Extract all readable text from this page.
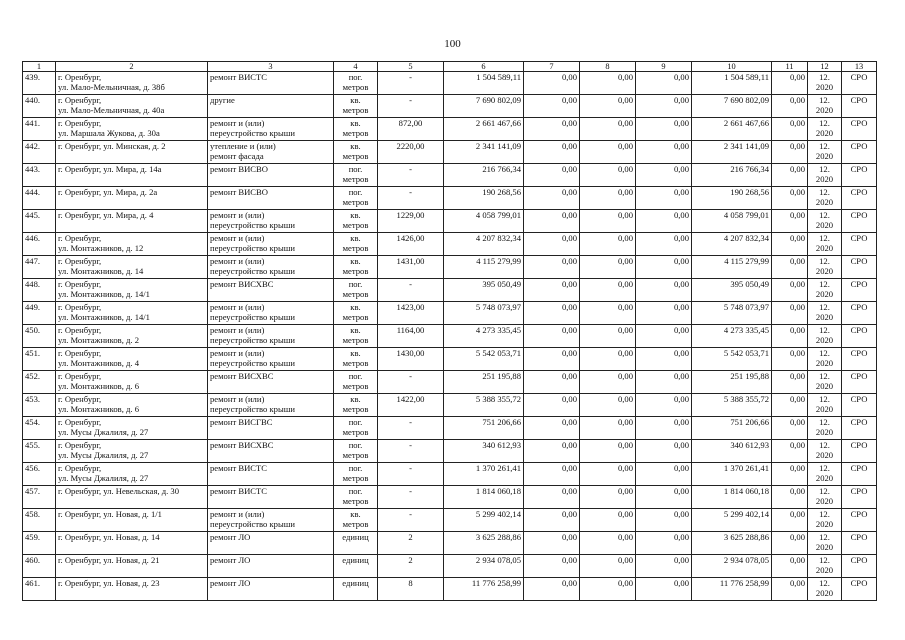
100
1	2	3	4	5	6	7	8	9	10	11	12	13
439.	г. Оренбург,
ул. Мало-Мельничная, д. 38б	ремонт ВИСТС	пог.
метров	-	1 504 589,11	0,00	0,00	0,00	1 504 589,11	0,00	12.
2020	СРО
440.	г. Оренбург,
ул. Мало-Мельничная, д. 40а	другие	кв.
метров	-	7 690 802,09	0,00	0,00	0,00	7 690 802,09	0,00	12.
2020	СРО
441.	г. Оренбург,
ул. Маршала Жукова, д. 30а	ремонт и (или)
переустройство крыши	кв.
метров	872,00	2 661 467,66	0,00	0,00	0,00	2 661 467,66	0,00	12.
2020	СРО
442.	г. Оренбург, ул. Минская, д. 2	утепление и (или)
ремонт фасада	кв.
метров	2220,00	2 341 141,09	0,00	0,00	0,00	2 341 141,09	0,00	12.
2020	СРО
443.	г. Оренбург, ул. Мира, д. 14а	ремонт ВИСВО	пог.
метров	-	216 766,34	0,00	0,00	0,00	216 766,34	0,00	12.
2020	СРО
444.	г. Оренбург, ул. Мира, д. 2а	ремонт ВИСВО	пог.
метров	-	190 268,56	0,00	0,00	0,00	190 268,56	0,00	12.
2020	СРО
445.	г. Оренбург, ул. Мира, д. 4	ремонт и (или)
переустройство крыши	кв.
метров	1229,00	4 058 799,01	0,00	0,00	0,00	4 058 799,01	0,00	12.
2020	СРО
446.	г. Оренбург,
ул. Монтажников, д. 12	ремонт и (или)
переустройство крыши	кв.
метров	1426,00	4 207 832,34	0,00	0,00	0,00	4 207 832,34	0,00	12.
2020	СРО
447.	г. Оренбург,
ул. Монтажников, д. 14	ремонт и (или)
переустройство крыши	кв.
метров	1431,00	4 115 279,99	0,00	0,00	0,00	4 115 279,99	0,00	12.
2020	СРО
448.	г. Оренбург,
ул. Монтажников, д. 14/1	ремонт ВИСХВС	пог.
метров	-	395 050,49	0,00	0,00	0,00	395 050,49	0,00	12.
2020	СРО
449.	г. Оренбург,
ул. Монтажников, д. 14/1	ремонт и (или)
переустройство крыши	кв.
метров	1423,00	5 748 073,97	0,00	0,00	0,00	5 748 073,97	0,00	12.
2020	СРО
450.	г. Оренбург,
ул. Монтажников, д. 2	ремонт и (или)
переустройство крыши	кв.
метров	1164,00	4 273 335,45	0,00	0,00	0,00	4 273 335,45	0,00	12.
2020	СРО
451.	г. Оренбург,
ул. Монтажников, д. 4	ремонт и (или)
переустройство крыши	кв.
метров	1430,00	5 542 053,71	0,00	0,00	0,00	5 542 053,71	0,00	12.
2020	СРО
452.	г. Оренбург,
ул. Монтажников, д. 6	ремонт ВИСХВС	пог.
метров	-	251 195,88	0,00	0,00	0,00	251 195,88	0,00	12.
2020	СРО
453.	г. Оренбург,
ул. Монтажников, д. 6	ремонт и (или)
переустройство крыши	кв.
метров	1422,00	5 388 355,72	0,00	0,00	0,00	5 388 355,72	0,00	12.
2020	СРО
454.	г. Оренбург,
ул. Мусы Джалиля, д. 27	ремонт ВИСГВС	пог.
метров	-	751 206,66	0,00	0,00	0,00	751 206,66	0,00	12.
2020	СРО
455.	г. Оренбург,
ул. Мусы Джалиля, д. 27	ремонт ВИСХВС	пог.
метров	-	340 612,93	0,00	0,00	0,00	340 612,93	0,00	12.
2020	СРО
456.	г. Оренбург,
ул. Мусы Джалиля, д. 27	ремонт ВИСТС	пог.
метров	-	1 370 261,41	0,00	0,00	0,00	1 370 261,41	0,00	12.
2020	СРО
457.	г. Оренбург, ул. Невельская, д. 30	ремонт ВИСТС	пог.
метров	-	1 814 060,18	0,00	0,00	0,00	1 814 060,18	0,00	12.
2020	СРО
458.	г. Оренбург, ул. Новая, д. 1/1	ремонт и (или)
переустройство крыши	кв.
метров	-	5 299 402,14	0,00	0,00	0,00	5 299 402,14	0,00	12.
2020	СРО
459.	г. Оренбург, ул. Новая, д. 14	ремонт ЛО	единиц	2	3 625 288,86	0,00	0,00	0,00	3 625 288,86	0,00	12.
2020	СРО
460.	г. Оренбург, ул. Новая, д. 21	ремонт ЛО	единиц	2	2 934 078,05	0,00	0,00	0,00	2 934 078,05	0,00	12.
2020	СРО
461.	г. Оренбург, ул. Новая, д. 23	ремонт ЛО	единиц	8	11 776 258,99	0,00	0,00	0,00	11 776 258,99	0,00	12.
2020	СРО
